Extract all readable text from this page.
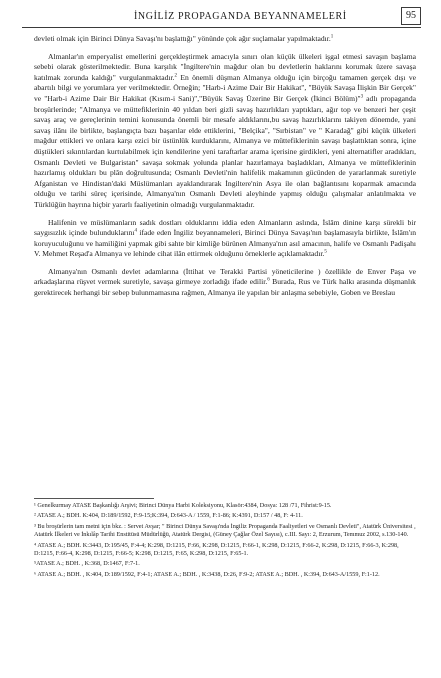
İNGİLİZ PROPAGANDA BEYANNAMELERİ	95

devleti olmak için Birinci Dünya Savaşı'nı başlattığı" yönünde çok ağır suçlamalar yapılmaktadır.$^1$

Almanlar'ın emperyalist emellerini gerçekleştirmek amacıyla sınırı olan küçük ülkeleri işgal etmesi savaşın başlama sebebi olarak gösterilmektedir. Buna karşılık "İngiltere'nin mağdur olan bu devletlerin haklarını korumak üzere savaşa katılmak zorunda kaldığı" vurgulanmaktadır.$^2$ En önemli düşman Almanya olduğu için birçoğu tamamen gerçek dışı ve abartılı bilgi ve yorumlara yer verilmektedir. Örneğin; "Harb-i Azime Dair Bir Hakikat", "Büyük Savaşa İlişkin Bir Gerçek" ve "Harb-i Azime Dair Bir Hakikat (Kısım-i Sani)","Büyük Savaş Üzerine Bir Gerçek (İkinci Bölüm)"$^3$ adlı propaganda broşürlerinde; "Almanya ve müttefiklerinin 40 yıldan beri gizli savaş hazırlıkları yaptıkları, ağır top ve benzeri her çeşit savaş araç ve gereçlerinin temini konusunda önemli bir mesafe aldıklarını,bu savaş hazırlıklarını takiyen dönemde, yani savaş ilânı ile birlikte, başlangıçta bazı başarılar elde ettiklerini, "Belçika", "Sırbistan" ve " Karadağ" gibi küçük ülkeleri mağdur ettikleri ve onlara karşı ezici bir üstünlük kurduklarını, Almanya ve müttefiklerinin savaşı başlattıktan sonra, içine düştükleri sıkıntılardan kurtulabilmek için kendilerine yeni taraftarlar arama içerisine girdikleri, yeni alternatifler aradıkları, Osmanlı Devleti ve Bulgaristan" savaşa sokmak yolunda planlar hazırlamaya başladıkları, Almanya ve müttefiklerinin hazırlamış oldukları bu plân doğrultusunda; Osmanlı Devleti'nin halifelik makamının gücünden de yararlanmak suretiyle Afganistan ve Hindistan'daki Müslümanları ayaklandırarak İngiltere'nin Asya ile olan bağlantısını koparmak amacında olduğu ve tarihi süreç içerisinde, Almanya'nın Osmanlı Devleti aleyhinde yapmış olduğu çalışmalar anlatılmakta ve Türklüğün hayrına hiçbir yararlı faaliyetinin olmadığı vurgulanmaktadır.

Halifenin ve müslümanların sadık dostları olduklarını iddia eden Almanların aslında, İslâm dinine karşı sürekli bir saygısızlık içinde bulunduklarını$^4$ ifade eden İngiliz beyannameleri, Birinci Dünya Savaşı'nın başlamasıyla birlikte, İslâm'ın koruyuculuğunu ve hamiliğini yapmak gibi sahte bir kimliğe bürünen Almanya'nın asıl amacının, halife ve Osmanlı Padişahı V. Mehmet Reşad'a Almanya ve lehinde cihat ilân ettirmek olduğunu örneklerle açıklamaktadır.$^5$

Almanya'nın Osmanlı devlet adamlarına (İttihat ve Terakki Partisi yöneticilerine ) özellikle de Enver Paşa ve arkadaşlarına rüşvet vermek suretiyle, savaşa girmeye zorladığı ifade edilir.$^6$ Burada, Rus ve Türk halkı arasında düşmanlık gerektirecek herhangi bir sebep bulunmamasına rağmen, Almanya ile yapılan bir anlaşma sebebiyle, Goben ve Breslau

¹ Genelkurmay ATASE Başkanlığı Arşivi; Birinci Dünya Harbi Koleksiyonu, Klasör:4384, Dosya: 128 /71, Fihrist:9-15.

² ATASE A.; BDH. K:404, D:189/1592, F:9-15;K:394, D:643-A / 1559, F:1-86; K:4391, D:157 / 48, F: 4-11.

³ Bu broşürlerin tam metni için bkz. : Servet Avşar; " Birinci Dünya Savaşı'nda İngiliz Propaganda Faaliyetleri ve Osmanlı Devleti", Atatürk Üniversitesi , Atatürk İlkeleri ve İnkılâp Tarihi Enstitüsü Müdürlüğü, Atatürk Dergisi, (Güney Çağlar Özel Sayısı), c.III. Sayı: 2, Erzurum, Temmuz 2002, s.130-140.

⁴ ATASE A.; BDH. K:3443, D:195/45, F:4-4; K:298, D:1215, F:66, K:298, D:1215, F:66-1, K:298, D:1215, F:66-2, K:298, D:1215, F:66-3, K:298, D:1215, F:66-4, K:298, D:1215, F:66-5; K:298, D:1215, F:65, K:298, D:1215, F:65-1.

⁵ATASE A.; BDH. , K:368, D:1467, F:7-1.

⁶ ATASE A.; BDH. , K:404, D:189/1592, F:4-1; ATASE A.; BDH. , K:3438, D:26, F:9-2; ATASE A.; BDH. , K:394, D:643-A/1559, F:1-12.
